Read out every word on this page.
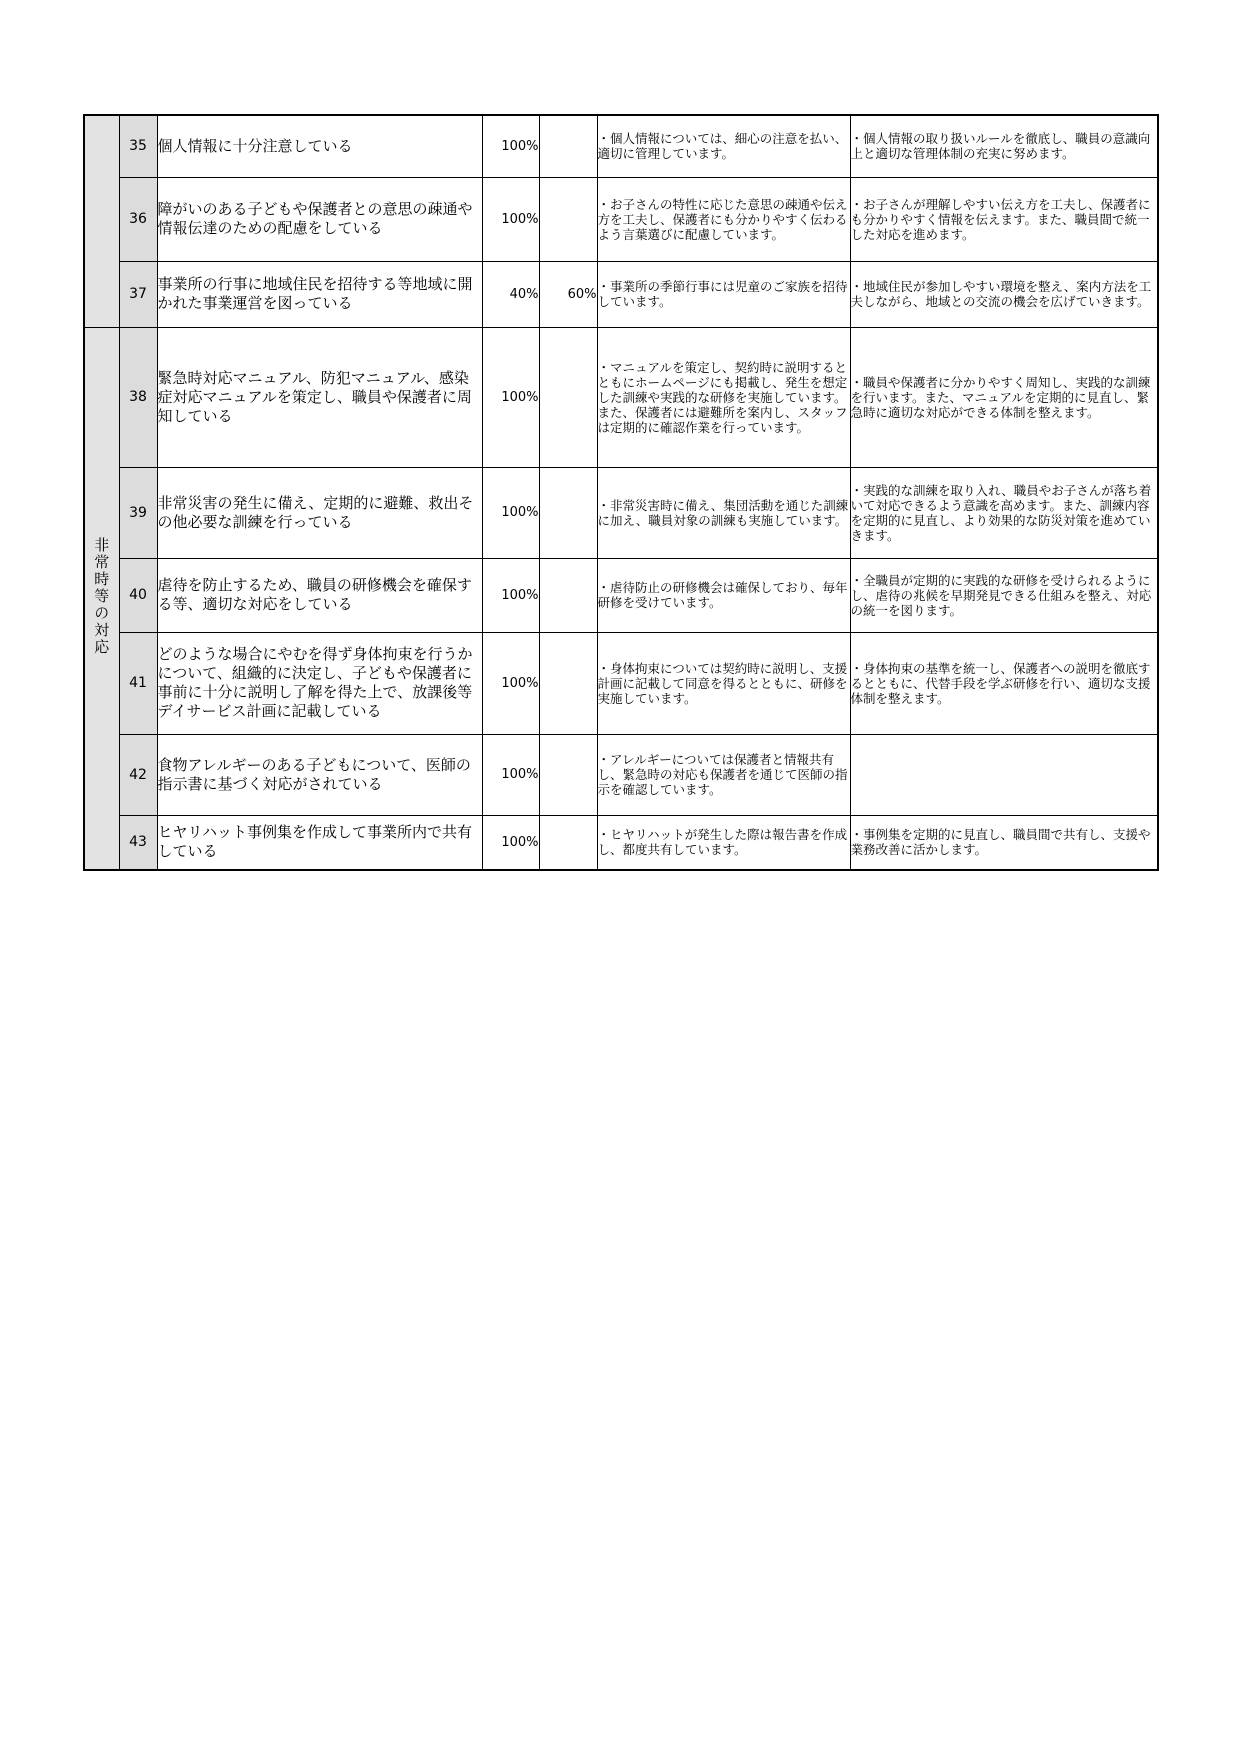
	35	個人情報に十分注意している	100%		・個人情報については、細心の注意を払い、適切に管理しています。	・個人情報の取り扱いルールを徹底し、職員の意識向上と適切な管理体制の充実に努めます。
	36	障がいのある子どもや保護者との意思の疎通や情報伝達のための配慮をしている	100%		・お子さんの特性に応じた意思の疎通や伝え方を工夫し、保護者にも分かりやすく伝わるよう言葉選びに配慮しています。	・お子さんが理解しやすい伝え方を工夫し、保護者にも分かりやすく情報を伝えます。また、職員間で統一した対応を進めます。
	37	事業所の行事に地域住民を招待する等地域に開かれた事業運営を図っている	40%	60%	・事業所の季節行事には児童のご家族を招待しています。	・地域住民が参加しやすい環境を整え、案内方法を工夫しながら、地域との交流の機会を広げていきます。
非常時等の対応	38	緊急時対応マニュアル、防犯マニュアル、感染症対応マニュアルを策定し、職員や保護者に周知している	100%		・マニュアルを策定し、契約時に説明するとともにホームページにも掲載し、発生を想定した訓練や実践的な研修を実施しています。また、保護者には避難所を案内し、スタッフは定期的に確認作業を行っています。	・職員や保護者に分かりやすく周知し、実践的な訓練を行います。また、マニュアルを定期的に見直し、緊急時に適切な対応ができる体制を整えます。
	39	非常災害の発生に備え、定期的に避難、救出その他必要な訓練を行っている	100%		・非常災害時に備え、集団活動を通じた訓練に加え、職員対象の訓練も実施しています。	・実践的な訓練を取り入れ、職員やお子さんが落ち着いて対応できるよう意識を高めます。また、訓練内容を定期的に見直し、より効果的な防災対策を進めていきます。
	40	虐待を防止するため、職員の研修機会を確保する等、適切な対応をしている	100%		・虐待防止の研修機会は確保しており、毎年研修を受けています。	・全職員が定期的に実践的な研修を受けられるようにし、虐待の兆候を早期発見できる仕組みを整え、対応の統一を図ります。
	41	どのような場合にやむを得ず身体拘束を行うかについて、組織的に決定し、子どもや保護者に事前に十分に説明し了解を得た上で、放課後等デイサービス計画に記載している	100%		・身体拘束については契約時に説明し、支援計画に記載して同意を得るとともに、研修を実施しています。	・身体拘束の基準を統一し、保護者への説明を徹底するとともに、代替手段を学ぶ研修を行い、適切な支援体制を整えます。
	42	食物アレルギーのある子どもについて、医師の指示書に基づく対応がされている	100%		・アレルギーについては保護者と情報共有し、緊急時の対応も保護者を通じて医師の指示を確認しています。	
	43	ヒヤリハット事例集を作成して事業所内で共有している	100%		・ヒヤリハットが発生した際は報告書を作成し、都度共有しています。	・事例集を定期的に見直し、職員間で共有し、支援や業務改善に活かします。
